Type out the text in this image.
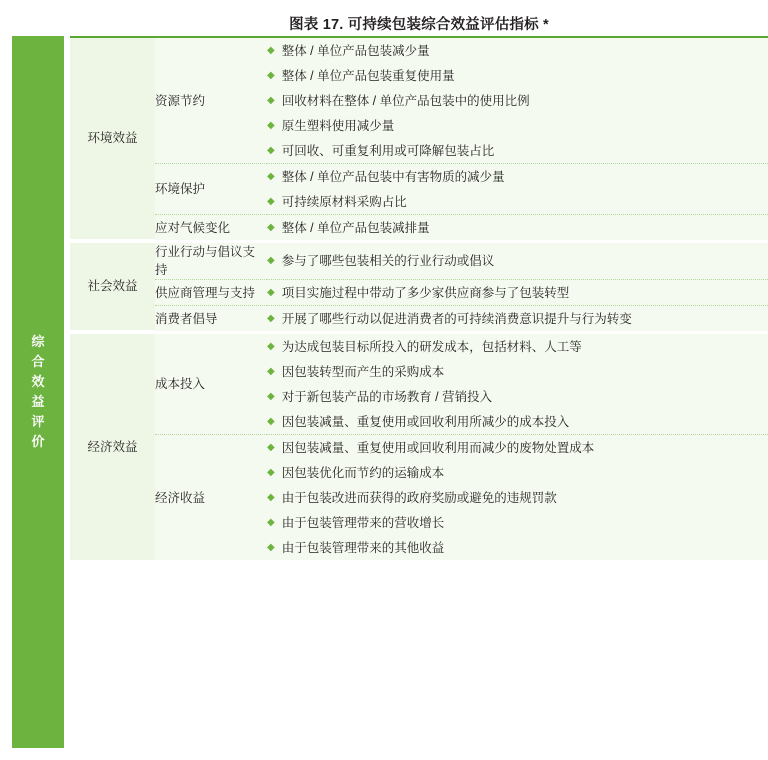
图表 17. 可持续包装综合效益评估指标 *
综合效益评价
环境效益

资源节约	
◆ 整体 / 单位产品包装减少量
◆ 整体 / 单位产品包装重复使用量
◆ 回收材料在整体 / 单位产品包装中的使用比例
◆ 原生塑料使用减少量
◆ 可回收、可重复利用或可降解包装占比

环境保护	
◆ 整体 / 单位产品包装中有害物质的减少量
◆ 可持续原材料采购占比

应对气候变化	◆ 整体 / 单位产品包装减排量

社会效益

行业行动与倡议支持	
◆ 参与了哪些包装相关的行业行动或倡议

供应商管理与支持	◆ 项目实施过程中带动了多少家供应商参与了包装转型

消费者倡导	◆ 开展了哪些行动以促进消费者的可持续消费意识提升与行为转变

经济效益

成本投入	
◆ 为达成包装目标所投入的研发成本，包括材料、人工等
◆ 因包装转型而产生的采购成本
◆ 对于新包装产品的市场教育 / 营销投入
◆ 因包装减量、重复使用或回收利用所减少的成本投入

经济收益	
◆ 因包装减量、重复使用或回收利用而减少的废物处置成本
◆ 因包装优化而节约的运输成本
◆ 由于包装改进而获得的政府奖励或避免的违规罚款
◆ 由于包装管理带来的营收增长
◆ 由于包装管理带来的其他收益
